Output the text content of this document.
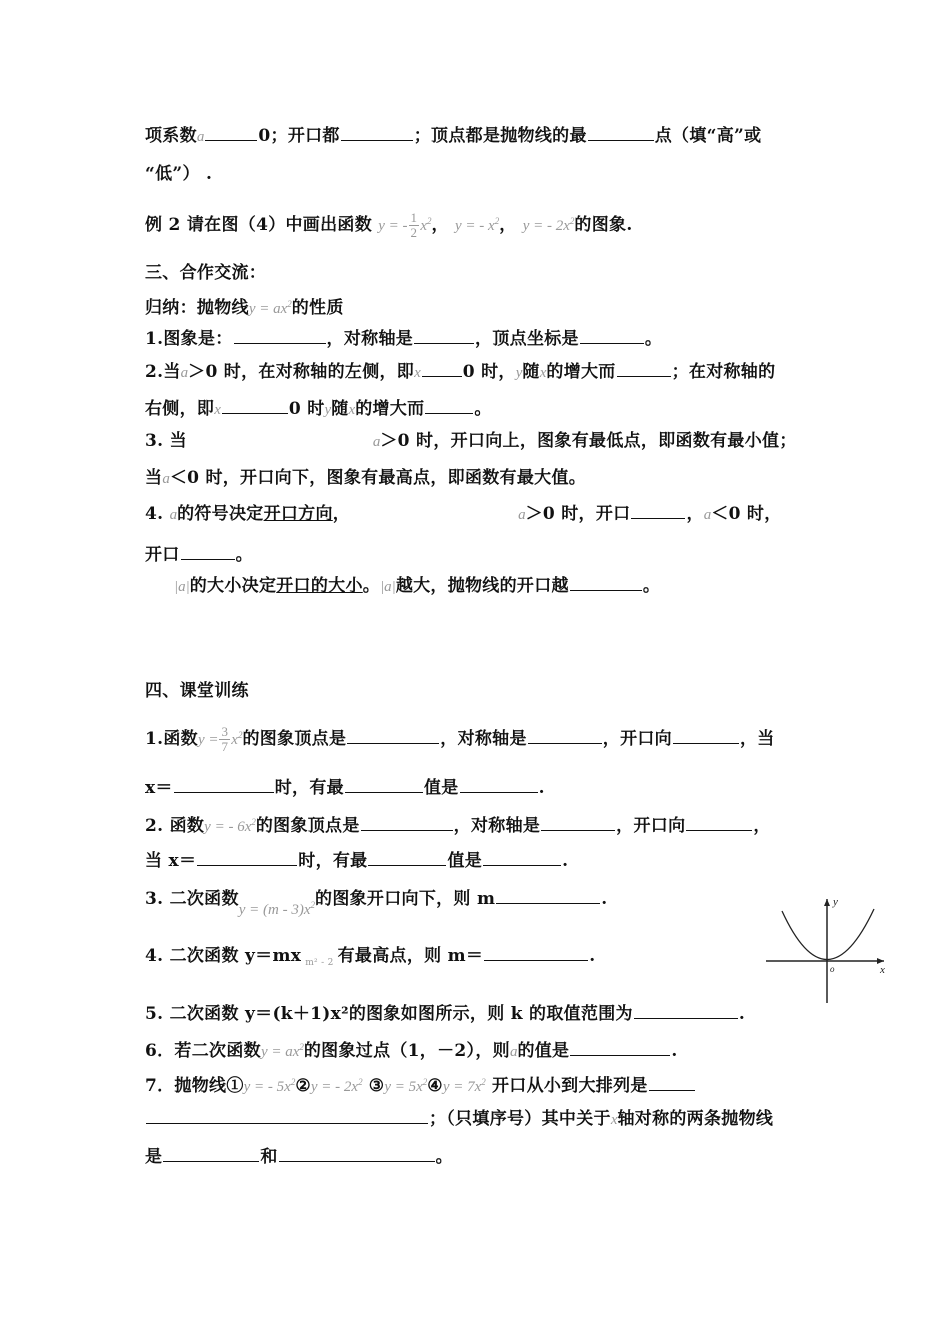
项系数a	0；开口都	；顶点都是抛物线的最	点（填“高”或
“低”） .
例 2 请在图（4）中画出函数 y = - $\frac{1}{2} x^2$， y = - $x^2$， y = - $2x^2$的图象.
三、合作交流：
归纳：抛物线$y = ax^2$的性质
1.图象是：	，对称轴是	，顶点坐标是	。
2.当a＞0 时，在对称轴的左侧，即x 0 时，y随x的增大而	；在对称轴的
右侧，即x	0 时y随x的增大而	。
3. 当	a＞0 时，开口向上，图象有最低点，即函数有最小值；
当a＜0 时，开口向下，图象有最高点，即函数有最大值。
4. a的符号决定开口方向，	a＞0 时，开口	，a＜0 时，
开口	。
|a|的大小决定开口的大小。|a|越大，抛物线的开口越	。
四、课堂训练
1.函数$y = \frac{3}{7} x^2$的图象顶点是	，对称轴是	，开口向	，当
x＝	时，有最	值是	.
2. 函数y = - $6x^2$的图象顶点是	，对称轴是	，开口向	，
当 x＝	时，有最	值是	.
3. 二次函数$y = (m - 3)x^2$的图象开口向下，则 m	.
4. 二次函数 y＝mx $_{m^2 - 2}$ 有最高点，则 m＝	.
5. 二次函数 y＝(k＋1)x²的图象如图所示，则 k 的取值范围为	.
6．若二次函数$y = ax^2$的图象过点（1，－2），则a的值是	.
7．抛物线①y = - $5x^2②y$ = - $2x^2$ ③y = $5x^2④y = 7x^2$ 开口从小到大排列是
；（只填序号）其中关于x轴对称的两条抛物线
是	和	。
y
x
o
